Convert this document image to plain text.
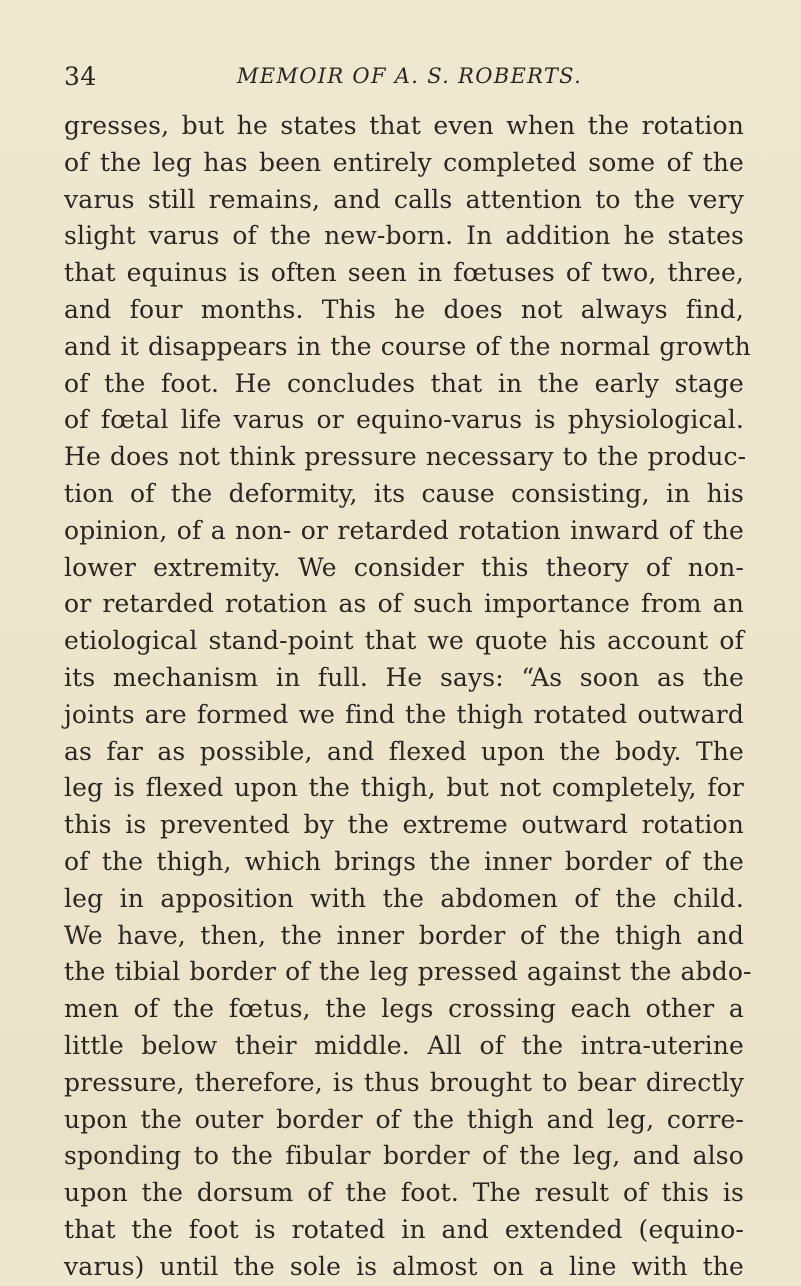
34	MEMOIR OF A. S. ROBERTS.
gresses, but he states that even when the rotation
of the leg has been entirely completed some of the
varus still remains, and calls attention to the very
slight varus of the new-born. In addition he states
that equinus is often seen in fœtuses of two, three,
and four months. This he does not always find,
and it disappears in the course of the normal growth
of the foot. He concludes that in the early stage
of fœtal life varus or equino-varus is physiological.
He does not think pressure necessary to the produc-
tion of the deformity, its cause consisting, in his
opinion, of a non- or retarded rotation inward of the
lower extremity. We consider this theory of non-
or retarded rotation as of such importance from an
etiological stand-point that we quote his account of
its mechanism in full. He says: “As soon as the
joints are formed we find the thigh rotated outward
as far as possible, and flexed upon the body. The
leg is flexed upon the thigh, but not completely, for
this is prevented by the extreme outward rotation
of the thigh, which brings the inner border of the
leg in apposition with the abdomen of the child.
We have, then, the inner border of the thigh and
the tibial border of the leg pressed against the abdo-
men of the fœtus, the legs crossing each other a
little below their middle. All of the intra-uterine
pressure, therefore, is thus brought to bear directly
upon the outer border of the thigh and leg, corre-
sponding to the fibular border of the leg, and also
upon the dorsum of the foot. The result of this is
that the foot is rotated in and extended (equino-
varus) until the sole is almost on a line with the
